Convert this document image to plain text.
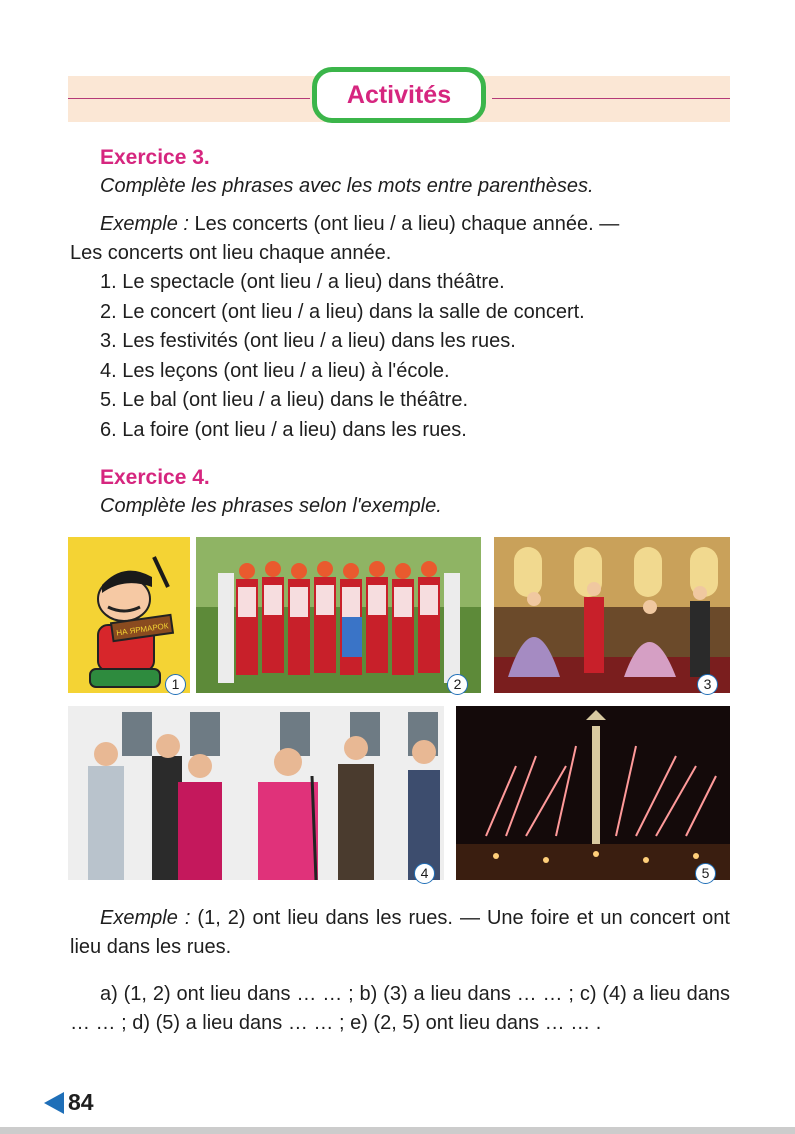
Activités
Exercice 3.
Complète les phrases avec les mots entre parenthèses.
Exemple : Les concerts (ont lieu / a lieu) chaque année. —
Les concerts ont lieu chaque année.
1. Le spectacle (ont lieu / a lieu) dans théâtre.
2. Le concert (ont lieu / a lieu) dans la salle de concert.
3. Les festivités (ont lieu / a lieu) dans les rues.
4. Les leçons (ont lieu / a lieu) à l'école.
5. Le bal (ont lieu / a lieu) dans le théâtre.
6. La foire (ont lieu / a lieu) dans les rues.
Exercice 4.
Complète les phrases selon l'exemple.
НА ЯРМАРОК
1	2	3
4	5
Exemple : (1, 2) ont lieu dans les rues. — Une foire et un concert ont lieu dans les rues.
a) (1, 2) ont lieu dans … … ; b) (3) a lieu dans … … ; c) (4) a lieu dans … … ; d) (5) a lieu dans … … ; e) (2, 5) ont lieu dans … … .
84
